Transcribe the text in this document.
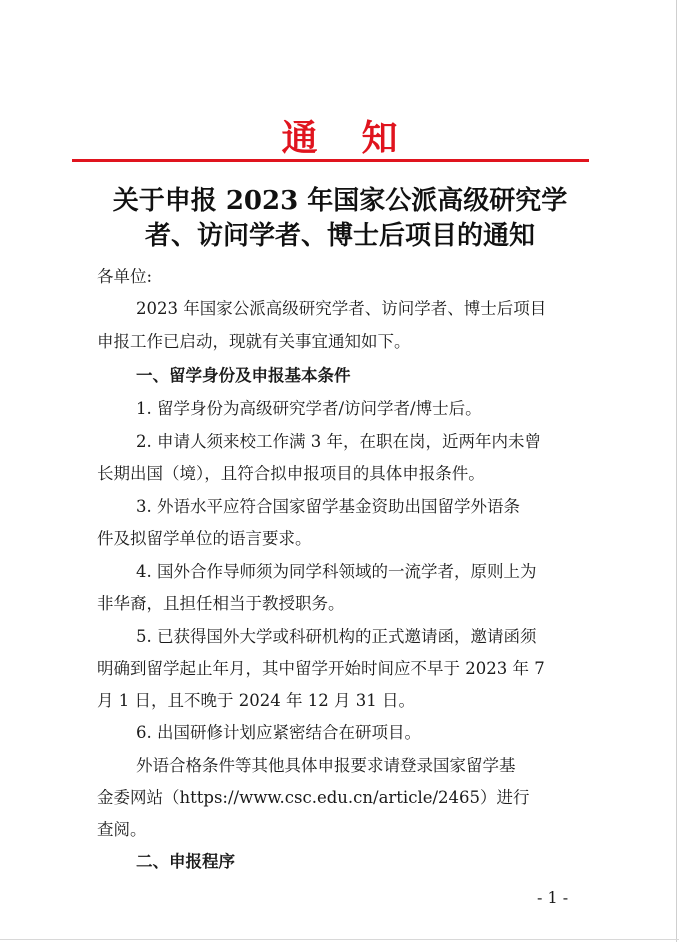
通知
关于申报 2023 年国家公派高级研究学
者、访问学者、博士后项目的通知
各单位:
2023 年国家公派高级研究学者、访问学者、博士后项目
申报工作已启动，现就有关事宜通知如下。
一、留学身份及申报基本条件
1. 留学身份为高级研究学者/访问学者/博士后。
2. 申请人须来校工作满 3 年，在职在岗，近两年内未曾
长期出国（境），且符合拟申报项目的具体申报条件。
3. 外语水平应符合国家留学基金资助出国留学外语条
件及拟留学单位的语言要求。
4. 国外合作导师须为同学科领域的一流学者，原则上为
非华裔，且担任相当于教授职务。
5. 已获得国外大学或科研机构的正式邀请函，邀请函须
明确到留学起止年月，其中留学开始时间应不早于 2023 年 7
月 1 日，且不晚于 2024 年 12 月 31 日。
6. 出国研修计划应紧密结合在研项目。
外语合格条件等其他具体申报要求请登录国家留学基
金委网站（https://www.csc.edu.cn/article/2465）进行
查阅。
二、申报程序
- 1 -
